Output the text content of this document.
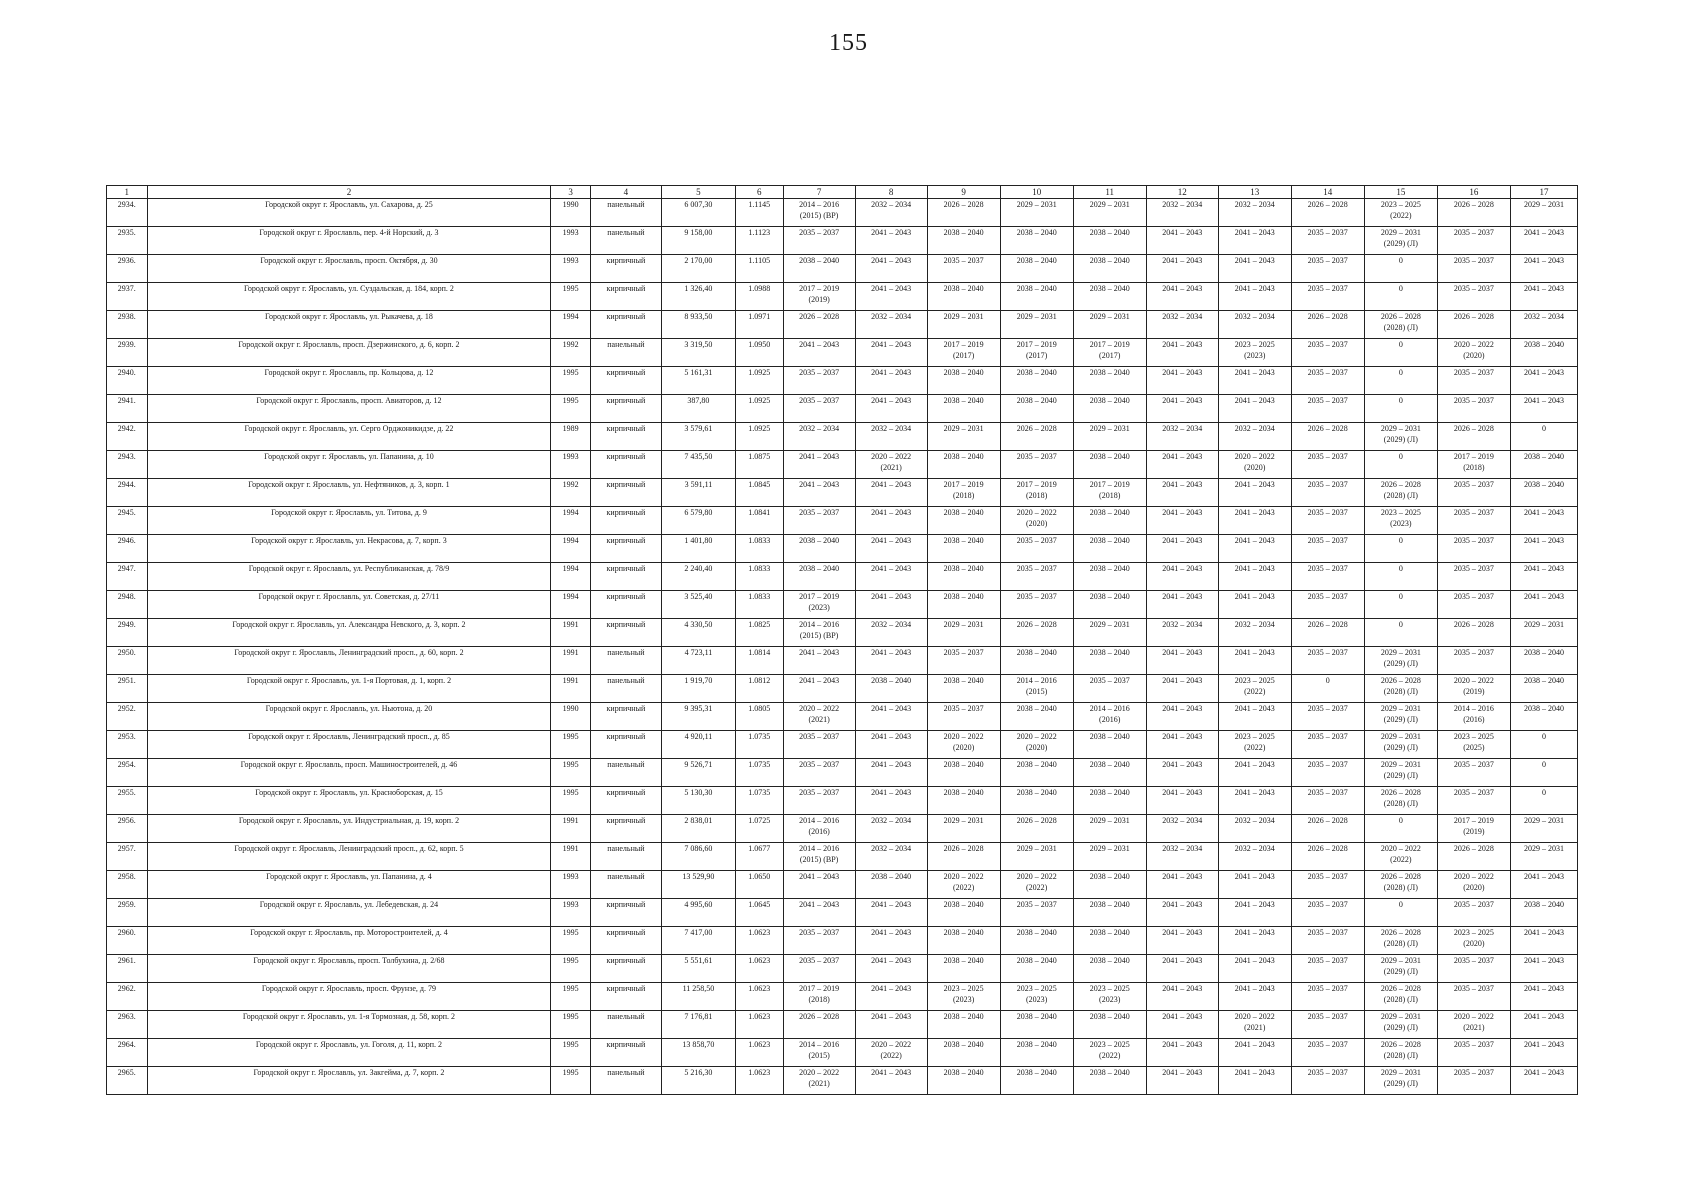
155
1	2	3	4	5	6	7	8	9	10	11	12	13	14	15	16	17
2934.	Городской округ г. Ярославль, ул. Сахарова, д. 25	1990	панельный	6 007,30	1.1145	2014 – 2016
(2015) (ВР)	2032 – 2034	2026 – 2028	2029 – 2031	2029 – 2031	2032 – 2034	2032 – 2034	2026 – 2028	2023 – 2025
(2022)	2026 – 2028	2029 – 2031
2935.	Городской округ г. Ярославль, пер. 4-й Норский, д. 3	1993	панельный	9 158,00	1.1123	2035 – 2037	2041 – 2043	2038 – 2040	2038 – 2040	2038 – 2040	2041 – 2043	2041 – 2043	2035 – 2037	2029 – 2031
(2029) (Л)	2035 – 2037	2041 – 2043
2936.	Городской округ г. Ярославль, просп. Октября, д. 30	1993	кирпичный	2 170,00	1.1105	2038 – 2040	2041 – 2043	2035 – 2037	2038 – 2040	2038 – 2040	2041 – 2043	2041 – 2043	2035 – 2037	0	2035 – 2037	2041 – 2043
2937.	Городской округ г. Ярославль, ул. Суздальская, д. 184, корп. 2	1995	кирпичный	1 326,40	1.0988	2017 – 2019
(2019)	2041 – 2043	2038 – 2040	2038 – 2040	2038 – 2040	2041 – 2043	2041 – 2043	2035 – 2037	0	2035 – 2037	2041 – 2043
2938.	Городской округ г. Ярославль, ул. Рыкачева, д. 18	1994	кирпичный	8 933,50	1.0971	2026 – 2028	2032 – 2034	2029 – 2031	2029 – 2031	2029 – 2031	2032 – 2034	2032 – 2034	2026 – 2028	2026 – 2028
(2028) (Л)	2026 – 2028	2032 – 2034
2939.	Городской округ г. Ярославль, просп. Дзержинского, д. 6, корп. 2	1992	панельный	3 319,50	1.0950	2041 – 2043	2041 – 2043	2017 – 2019
(2017)	2017 – 2019
(2017)	2017 – 2019
(2017)	2041 – 2043	2023 – 2025
(2023)	2035 – 2037	0	2020 – 2022
(2020)	2038 – 2040
2940.	Городской округ г. Ярославль, пр. Кольцова, д. 12	1995	кирпичный	5 161,31	1.0925	2035 – 2037	2041 – 2043	2038 – 2040	2038 – 2040	2038 – 2040	2041 – 2043	2041 – 2043	2035 – 2037	0	2035 – 2037	2041 – 2043
2941.	Городской округ г. Ярославль, просп. Авиаторов, д. 12	1995	кирпичный	387,80	1.0925	2035 – 2037	2041 – 2043	2038 – 2040	2038 – 2040	2038 – 2040	2041 – 2043	2041 – 2043	2035 – 2037	0	2035 – 2037	2041 – 2043
2942.	Городской округ г. Ярославль, ул. Серго Орджоникидзе, д. 22	1989	кирпичный	3 579,61	1.0925	2032 – 2034	2032 – 2034	2029 – 2031	2026 – 2028	2029 – 2031	2032 – 2034	2032 – 2034	2026 – 2028	2029 – 2031
(2029) (Л)	2026 – 2028	0
2943.	Городской округ г. Ярославль, ул. Папанина, д. 10	1993	кирпичный	7 435,50	1.0875	2041 – 2043	2020 – 2022
(2021)	2038 – 2040	2035 – 2037	2038 – 2040	2041 – 2043	2020 – 2022
(2020)	2035 – 2037	0	2017 – 2019
(2018)	2038 – 2040
2944.	Городской округ г. Ярославль, ул. Нефтяников, д. 3, корп. 1	1992	кирпичный	3 591,11	1.0845	2041 – 2043	2041 – 2043	2017 – 2019
(2018)	2017 – 2019
(2018)	2017 – 2019
(2018)	2041 – 2043	2041 – 2043	2035 – 2037	2026 – 2028
(2028) (Л)	2035 – 2037	2038 – 2040
2945.	Городской округ г. Ярославль, ул. Титова, д. 9	1994	кирпичный	6 579,80	1.0841	2035 – 2037	2041 – 2043	2038 – 2040	2020 – 2022
(2020)	2038 – 2040	2041 – 2043	2041 – 2043	2035 – 2037	2023 – 2025
(2023)	2035 – 2037	2041 – 2043
2946.	Городской округ г. Ярославль, ул. Некрасова, д. 7, корп. 3	1994	кирпичный	1 401,80	1.0833	2038 – 2040	2041 – 2043	2038 – 2040	2035 – 2037	2038 – 2040	2041 – 2043	2041 – 2043	2035 – 2037	0	2035 – 2037	2041 – 2043
2947.	Городской округ г. Ярославль, ул. Республиканская, д. 78/9	1994	кирпичный	2 240,40	1.0833	2038 – 2040	2041 – 2043	2038 – 2040	2035 – 2037	2038 – 2040	2041 – 2043	2041 – 2043	2035 – 2037	0	2035 – 2037	2041 – 2043
2948.	Городской округ г. Ярославль, ул. Советская, д. 27/11	1994	кирпичный	3 525,40	1.0833	2017 – 2019
(2023)	2041 – 2043	2038 – 2040	2035 – 2037	2038 – 2040	2041 – 2043	2041 – 2043	2035 – 2037	0	2035 – 2037	2041 – 2043
2949.	Городской округ г. Ярославль, ул. Александра Невского, д. 3, корп. 2	1991	кирпичный	4 330,50	1.0825	2014 – 2016
(2015) (ВР)	2032 – 2034	2029 – 2031	2026 – 2028	2029 – 2031	2032 – 2034	2032 – 2034	2026 – 2028	0	2026 – 2028	2029 – 2031
2950.	Городской округ г. Ярославль, Ленинградский просп., д. 60, корп. 2	1991	панельный	4 723,11	1.0814	2041 – 2043	2041 – 2043	2035 – 2037	2038 – 2040	2038 – 2040	2041 – 2043	2041 – 2043	2035 – 2037	2029 – 2031
(2029) (Л)	2035 – 2037	2038 – 2040
2951.	Городской округ г. Ярославль, ул. 1-я Портовая, д. 1, корп. 2	1991	панельный	1 919,70	1.0812	2041 – 2043	2038 – 2040	2038 – 2040	2014 – 2016
(2015)	2035 – 2037	2041 – 2043	2023 – 2025
(2022)	0	2026 – 2028
(2028) (Л)	2020 – 2022
(2019)	2038 – 2040
2952.	Городской округ г. Ярославль, ул. Ньютона, д. 20	1990	кирпичный	9 395,31	1.0805	2020 – 2022
(2021)	2041 – 2043	2035 – 2037	2038 – 2040	2014 – 2016
(2016)	2041 – 2043	2041 – 2043	2035 – 2037	2029 – 2031
(2029) (Л)	2014 – 2016
(2016)	2038 – 2040
2953.	Городской округ г. Ярославль, Ленинградский просп., д. 85	1995	кирпичный	4 920,11	1.0735	2035 – 2037	2041 – 2043	2020 – 2022
(2020)	2020 – 2022
(2020)	2038 – 2040	2041 – 2043	2023 – 2025
(2022)	2035 – 2037	2029 – 2031
(2029) (Л)	2023 – 2025
(2025)	0
2954.	Городской округ г. Ярославль, просп. Машиностроителей, д. 46	1995	панельный	9 526,71	1.0735	2035 – 2037	2041 – 2043	2038 – 2040	2038 – 2040	2038 – 2040	2041 – 2043	2041 – 2043	2035 – 2037	2029 – 2031
(2029) (Л)	2035 – 2037	0
2955.	Городской округ г. Ярославль, ул. Красноборская, д. 15	1995	кирпичный	5 130,30	1.0735	2035 – 2037	2041 – 2043	2038 – 2040	2038 – 2040	2038 – 2040	2041 – 2043	2041 – 2043	2035 – 2037	2026 – 2028
(2028) (Л)	2035 – 2037	0
2956.	Городской округ г. Ярославль, ул. Индустриальная, д. 19, корп. 2	1991	кирпичный	2 838,01	1.0725	2014 – 2016
(2016)	2032 – 2034	2029 – 2031	2026 – 2028	2029 – 2031	2032 – 2034	2032 – 2034	2026 – 2028	0	2017 – 2019
(2019)	2029 – 2031
2957.	Городской округ г. Ярославль, Ленинградский просп., д. 62, корп. 5	1991	панельный	7 086,60	1.0677	2014 – 2016
(2015) (ВР)	2032 – 2034	2026 – 2028	2029 – 2031	2029 – 2031	2032 – 2034	2032 – 2034	2026 – 2028	2020 – 2022
(2022)	2026 – 2028	2029 – 2031
2958.	Городской округ г. Ярославль, ул. Папанина, д. 4	1993	панельный	13 529,90	1.0650	2041 – 2043	2038 – 2040	2020 – 2022
(2022)	2020 – 2022
(2022)	2038 – 2040	2041 – 2043	2041 – 2043	2035 – 2037	2026 – 2028
(2028) (Л)	2020 – 2022
(2020)	2041 – 2043
2959.	Городской округ г. Ярославль, ул. Лебедевская, д. 24	1993	кирпичный	4 995,60	1.0645	2041 – 2043	2041 – 2043	2038 – 2040	2035 – 2037	2038 – 2040	2041 – 2043	2041 – 2043	2035 – 2037	0	2035 – 2037	2038 – 2040
2960.	Городской округ г. Ярославль, пр. Моторостроителей, д. 4	1995	кирпичный	7 417,00	1.0623	2035 – 2037	2041 – 2043	2038 – 2040	2038 – 2040	2038 – 2040	2041 – 2043	2041 – 2043	2035 – 2037	2026 – 2028
(2028) (Л)	2023 – 2025
(2020)	2041 – 2043
2961.	Городской округ г. Ярославль, просп. Толбухина, д. 2/68	1995	кирпичный	5 551,61	1.0623	2035 – 2037	2041 – 2043	2038 – 2040	2038 – 2040	2038 – 2040	2041 – 2043	2041 – 2043	2035 – 2037	2029 – 2031
(2029) (Л)	2035 – 2037	2041 – 2043
2962.	Городской округ г. Ярославль, просп. Фрунзе, д. 79	1995	кирпичный	11 258,50	1.0623	2017 – 2019
(2018)	2041 – 2043	2023 – 2025
(2023)	2023 – 2025
(2023)	2023 – 2025
(2023)	2041 – 2043	2041 – 2043	2035 – 2037	2026 – 2028
(2028) (Л)	2035 – 2037	2041 – 2043
2963.	Городской округ г. Ярославль, ул. 1-я Тормозная, д. 58, корп. 2	1995	панельный	7 176,81	1.0623	2026 – 2028	2041 – 2043	2038 – 2040	2038 – 2040	2038 – 2040	2041 – 2043	2020 – 2022
(2021)	2035 – 2037	2029 – 2031
(2029) (Л)	2020 – 2022
(2021)	2041 – 2043
2964.	Городской округ г. Ярославль, ул. Гоголя, д. 11, корп. 2	1995	кирпичный	13 858,70	1.0623	2014 – 2016
(2015)	2020 – 2022
(2022)	2038 – 2040	2038 – 2040	2023 – 2025
(2022)	2041 – 2043	2041 – 2043	2035 – 2037	2026 – 2028
(2028) (Л)	2035 – 2037	2041 – 2043
2965.	Городской округ г. Ярославль, ул. Закгейма, д. 7, корп. 2	1995	панельный	5 216,30	1.0623	2020 – 2022
(2021)	2041 – 2043	2038 – 2040	2038 – 2040	2038 – 2040	2041 – 2043	2041 – 2043	2035 – 2037	2029 – 2031
(2029) (Л)	2035 – 2037	2041 – 2043
